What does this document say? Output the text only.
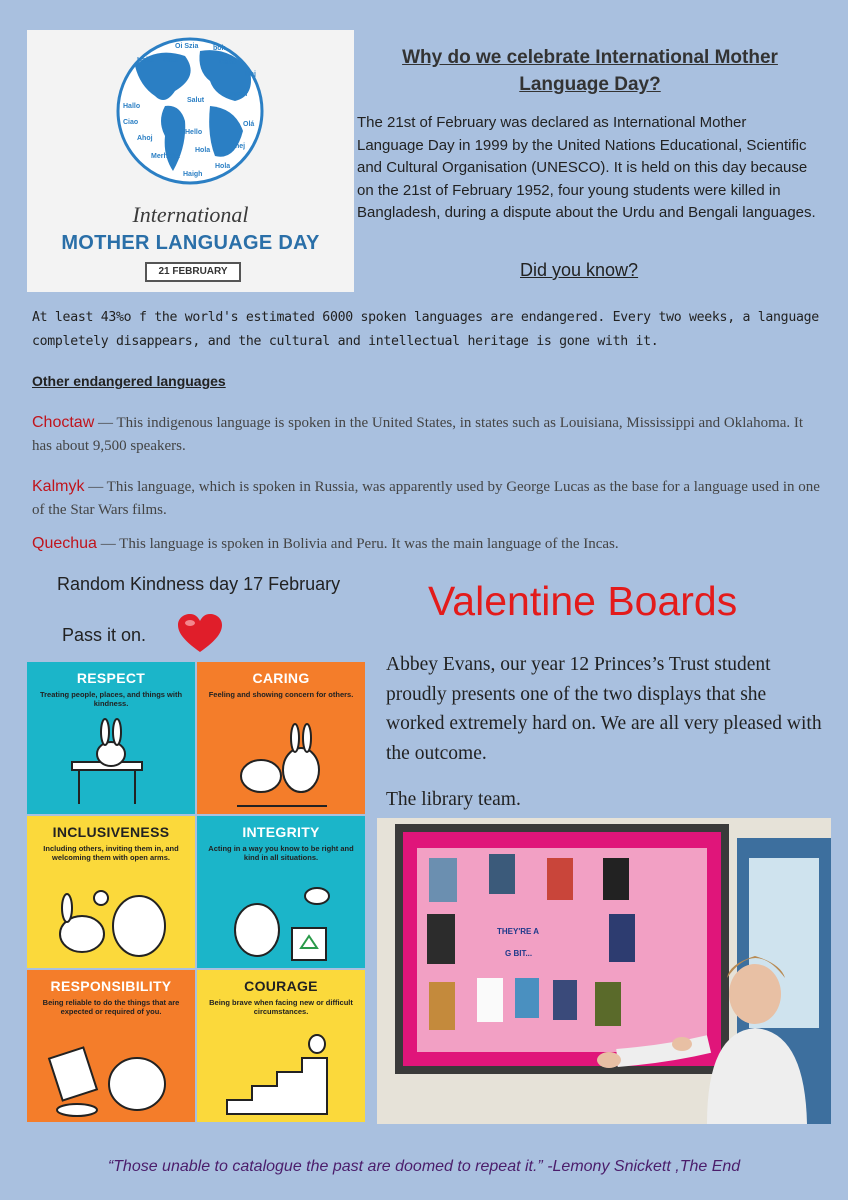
Oi Szia bok
Hallo Ciao	Chão
Hej
Hallo
Ciao
Привет
Olá
Salut
Ahoj
Hello
Hola
Merhaba
Hola
Haigh
hej
International
MOTHER LANGUAGE DAY
21 FEBRUARY
Why do we celebrate International Mother Language Day?
The 21st of February was declared as International Mother Language Day in 1999 by the United Nations Educational, Scientific and Cultural Organisation (UNESCO). It is held on this day because on the 21st of February 1952, four young students were killed in Bangladesh, during a dispute about the Urdu and Bengali languages.
Did you know?
At least 43%o f the world's estimated 6000 spoken languages are endangered. Every two weeks, a language completely disappears, and the cultural and intellectual heritage is gone with it.
Other endangered languages
Choctaw — This indigenous language is spoken in the United States, in states such as Louisiana, Mississippi and Oklahoma. It has about 9,500 speakers.
Kalmyk — This language, which is spoken in Russia, was apparently used by George Lucas as the base for a language used in one of the Star Wars films.
Quechua — This language is spoken in Bolivia and Peru. It was the main language of the Incas.
Random Kindness day 17 February
Pass it on.
RESPECT
Treating people, places, and things with kindness.
CARING
Feeling and showing concern for others.
INCLUSIVENESS
Including others, inviting them in, and welcoming them with open arms.
INTEGRITY
Acting in a way you know to be right and kind in all situations.
RESPONSIBILITY
Being reliable to do the things that are expected or required of you.
COURAGE
Being brave when facing new or difficult circumstances.
Valentine Boards
Abbey Evans, our year 12 Princes’s Trust student proudly presents one of the two displays that she worked extremely hard on. We are all very pleased with the outcome.
The library team.
THEY'RE A
G BIT...
“Those unable to catalogue the past are doomed to repeat it.” -Lemony Snickett ,The End
